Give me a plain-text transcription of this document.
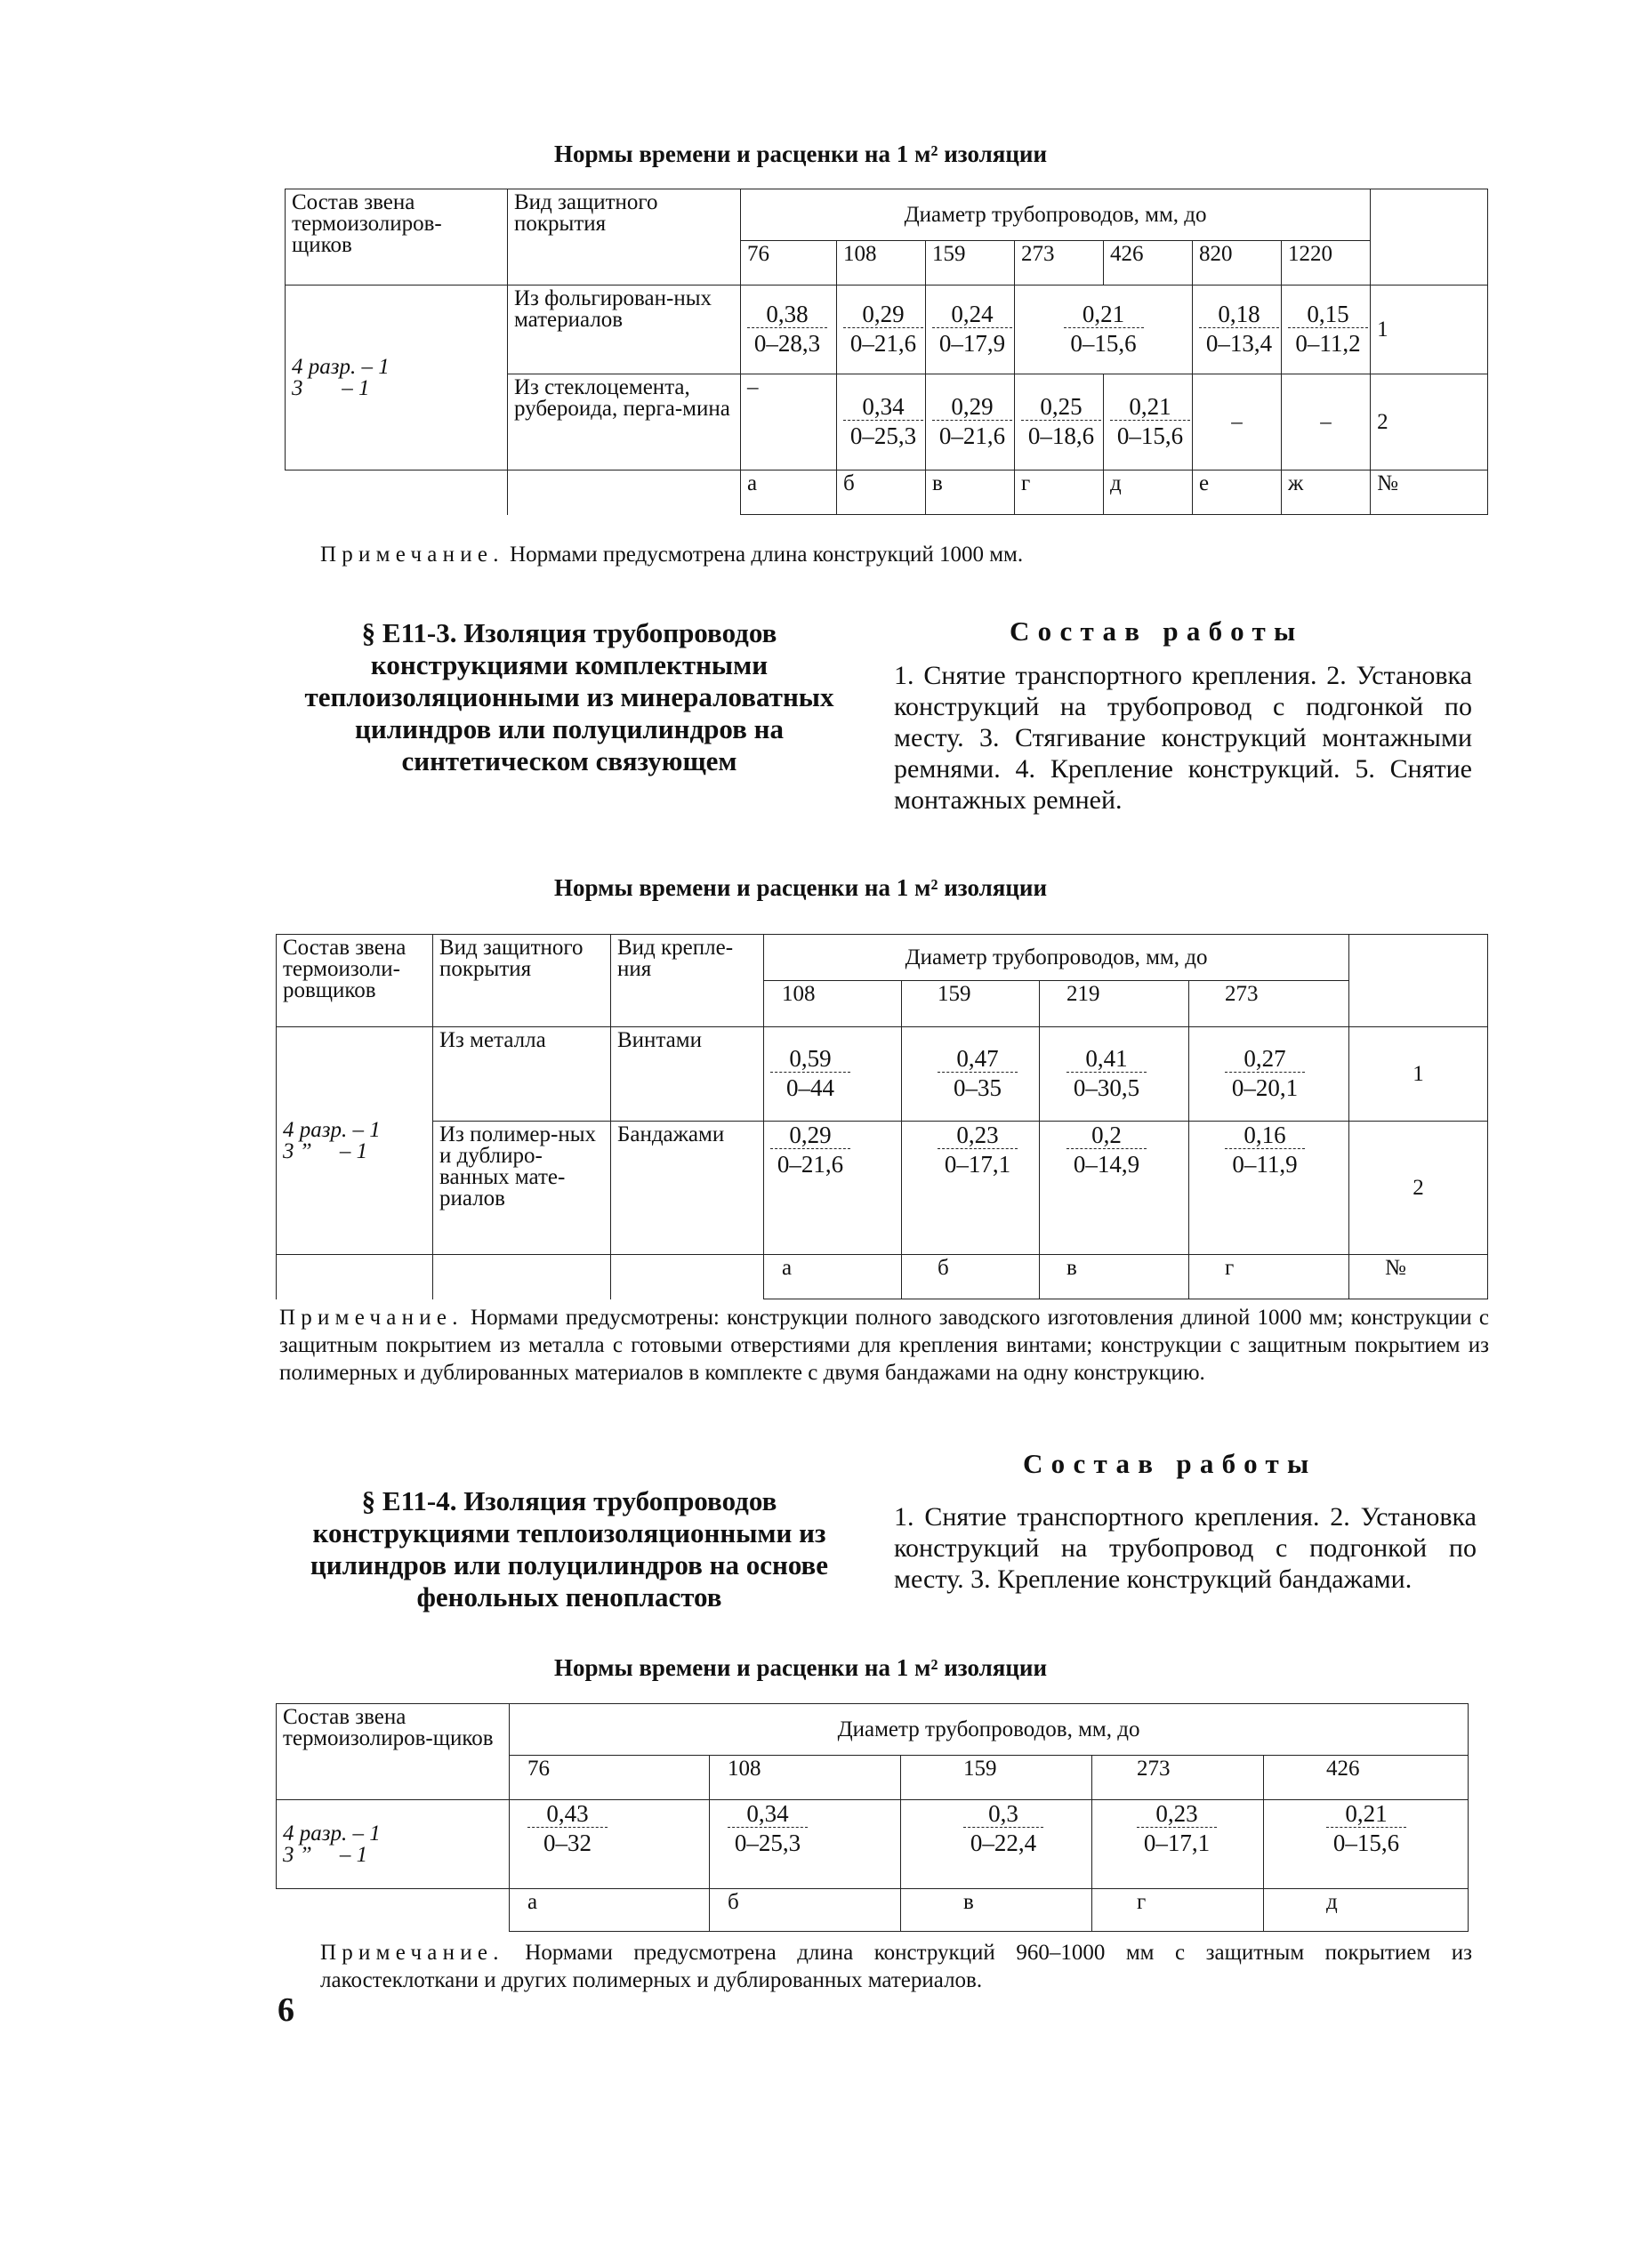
Нормы времени и расценки на 1 м² изоляции
Состав звена термоизолиров-щиков	Вид защитного покрытия	Диаметр трубопроводов, мм, до							
		76	108	159	273	426	820	1220	
4 разр. – 1
3       – 1	Из фольгирован-ных материалов	$\frac{0,38}{0-28,3}$	$\frac{0,29}{0-21,6}$	$\frac{0,24}{0-17,9}$	$\frac{0,21}{0-15,6}$		$\frac{0,18}{0-13,4}$	$\frac{0,15}{0-11,2}$	1
	Из стеклоцемента, рубероида, перга-мина	–	$\frac{0,34}{0-25,3}$	$\frac{0,29}{0-21,6}$	$\frac{0,25}{0-18,6}$	$\frac{0,21}{0-15,6}$	–	–	2
		а	б	в	г	д	е	ж	№
Примечание. Нормами предусмотрена длина конструкций 1000 мм.
§ Е11-3. Изоляция трубопроводов конструкциями комплектными теплоизоляционными из минераловатных цилиндров или полуцилиндров на синтетическом связующем
Состав работы
1. Снятие транспортного крепления. 2. Установка конструкций на трубопровод с подгонкой по месту. 3. Стягивание конструкций монтажными ремнями. 4. Крепление конструкций. 5. Снятие монтажных ремней.
Нормы времени и расценки на 1 м² изоляции
Состав звена термоизоли-ровщиков	Вид защитного покрытия	Вид крепле-ния	Диаметр трубопроводов, мм, до				
			108	159	219	273	
4 разр. – 1
3 ”     – 1	Из металла	Винтами	$\frac{0,59}{0-44}$	$\frac{0,47}{0-35}$	$\frac{0,41}{0-30,5}$	$\frac{0,27}{0-20,1}$	1
	Из полимер-ных и дублиро-ванных мате-риалов	Бандажами	$\frac{0,29}{0-21,6}$	$\frac{0,23}{0-17,1}$	$\frac{0,2}{0-14,9}$	$\frac{0,16}{0-11,9}$	2
			а	б	в	г	№
Примечание. Нормами предусмотрены: конструкции полного заводского изготовления длиной 1000 мм; конструкции с защитным покрытием из металла с готовыми отверстиями для крепления винтами; конструкции с защитным покрытием из полимерных и дублированных материалов в комплекте с двумя бандажами на одну конструкцию.
Состав работы
§ Е11-4. Изоляция трубопроводов конструкциями теплоизоляционными из цилиндров или полуцилиндров на основе фенольных пенопластов
1. Снятие транспортного крепления. 2. Установка конструкций на трубопровод с подгонкой по месту. 3. Крепление конструкций бандажами.
Нормы времени и расценки на 1 м² изоляции
Состав звена термоизолиров-щиков	Диаметр трубопроводов, мм, до				
	76	108	159	273	426
4 разр. – 1
3 ”     – 1	$\frac{0,43}{0-32}$	$\frac{0,34}{0-25,3}$	$\frac{0,3}{0-22,4}$	$\frac{0,23}{0-17,1}$	$\frac{0,21}{0-15,6}$

	а	б	в	г	д
Примечание. Нормами предусмотрена длина конструкций 960–1000 мм с защитным покрытием из лакостеклоткани и других полимерных и дублированных материалов.
6
